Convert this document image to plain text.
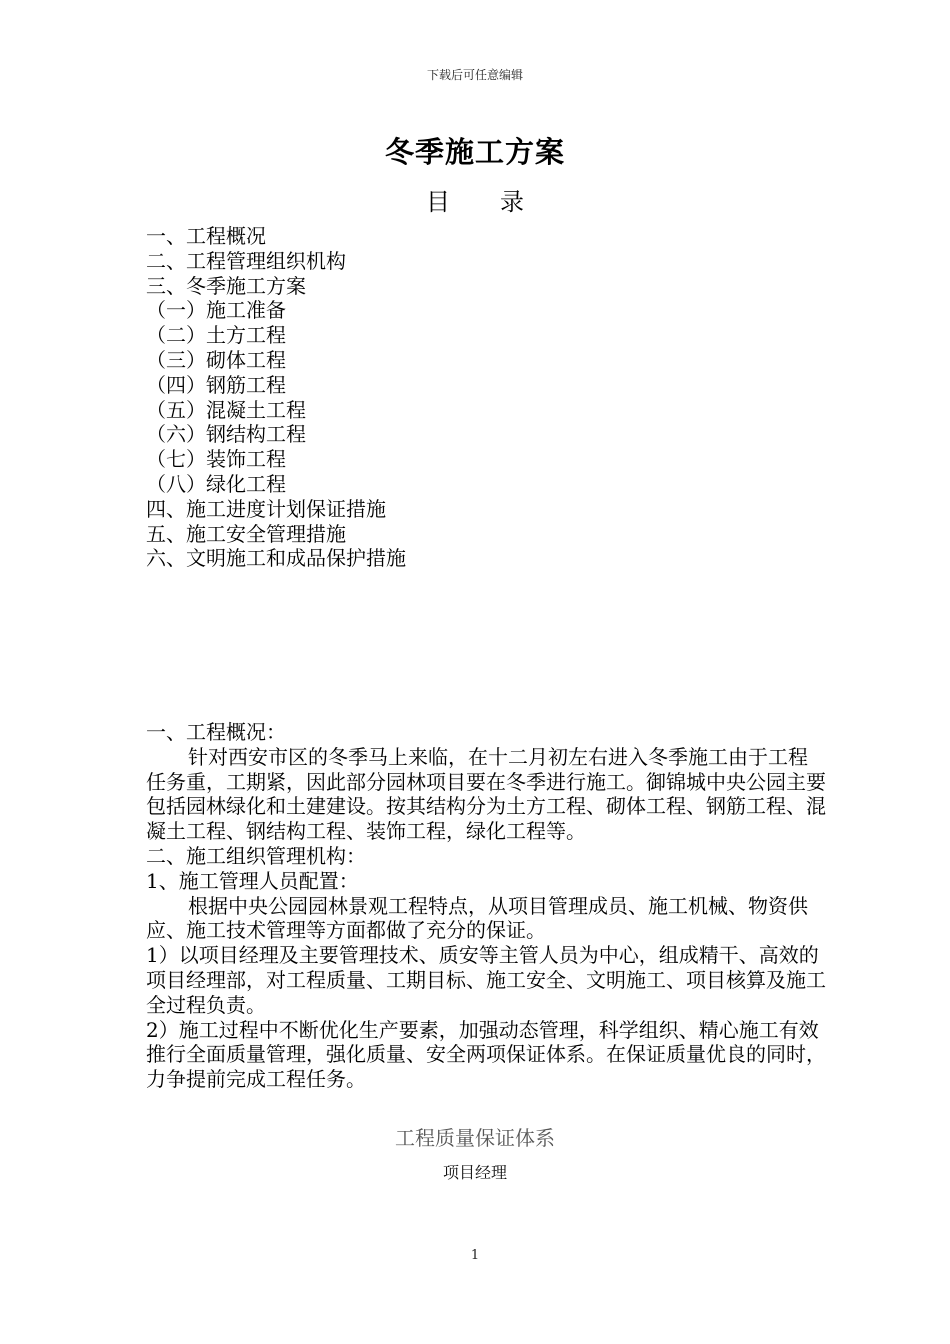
下载后可任意编辑
冬季施工方案
目 录
一、工程概况
二、工程管理组织机构
三、冬季施工方案
（一）施工准备
（二）土方工程
（三）砌体工程
（四）钢筋工程
（五）混凝土工程
（六）钢结构工程
（七）装饰工程
（八）绿化工程
四、施工进度计划保证措施
五、施工安全管理措施
六、文明施工和成品保护措施

一、工程概况：

针对西安市区的冬季马上来临，在十二月初左右进入冬季施工由于工程任务重，工期紧，因此部分园林项目要在冬季进行施工。御锦城中央公园主要包括园林绿化和土建建设。按其结构分为土方工程、砌体工程、钢筋工程、混凝土工程、钢结构工程、装饰工程，绿化工程等。

二、施工组织管理机构：

1、施工管理人员配置：

根据中央公园园林景观工程特点，从项目管理成员、施工机械、物资供应、施工技术管理等方面都做了充分的保证。

1）以项目经理及主要管理技术、质安等主管人员为中心，组成精干、高效的项目经理部，对工程质量、工期目标、施工安全、文明施工、项目核算及施工全过程负责。

2）施工过程中不断优化生产要素，加强动态管理，科学组织、精心施工有效推行全面质量管理，强化质量、安全两项保证体系。在保证质量优良的同时，力争提前完成工程任务。

工程质量保证体系
项目经理
1
